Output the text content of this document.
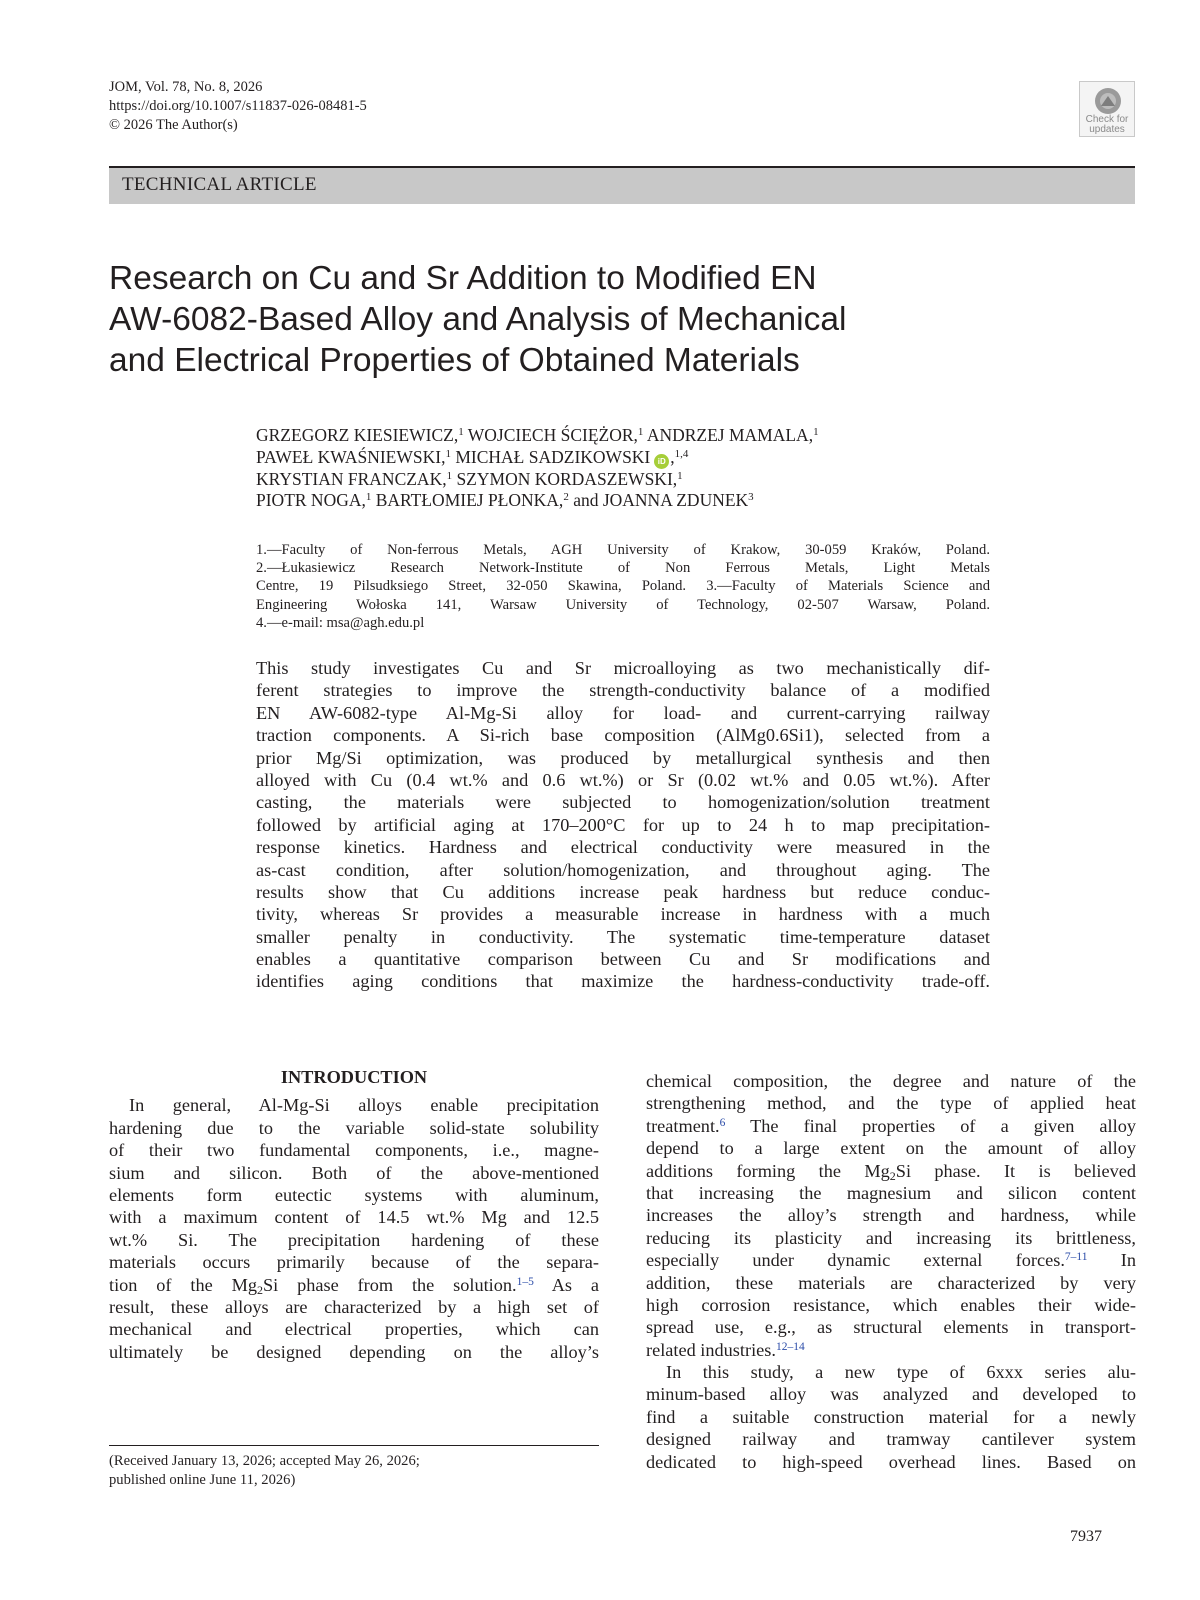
JOM, Vol. 78, No. 8, 2026
https://doi.org/10.1007/s11837-026-08481-5
© 2026 The Author(s)	Check for
updates
TECHNICAL ARTICLE
Research on Cu and Sr Addition to Modified EN
AW-6082-Based Alloy and Analysis of Mechanical
and Electrical Properties of Obtained Materials
GRZEGORZ KIESIEWICZ,$^1$ WOJCIECH ŚCIĘŻOR,$^1$ ANDRZEJ MAMALA,$^1$
PAWEŁ KWAŚNIEWSKI,$^1$ MICHAŁ SADZIKOWSKI iD ,$^{1,4}$
KRYSTIAN FRANCZAK,$^1$ SZYMON KORDASZEWSKI,$^1$
PIOTR NOGA,$^1$ BARTŁOMIEJ PŁONKA,$^2$ and JOANNA ZDUNEK$^3$
1.—Faculty of Non-ferrous Metals, AGH University of Krakow, 30-059 Kraków, Poland.
2.—Łukasiewicz Research Network-Institute of Non Ferrous Metals, Light Metals
Centre, 19 Pilsudksiego Street, 32-050 Skawina, Poland. 3.—Faculty of Materials Science and
Engineering Wołoska 141, Warsaw University of Technology, 02-507 Warsaw, Poland.
4.—e-mail: msa@agh.edu.pl
This study investigates Cu and Sr microalloying as two mechanistically dif-
ferent strategies to improve the strength-conductivity balance of a modified
EN AW-6082-type Al-Mg-Si alloy for load- and current-carrying railway
traction components. A Si-rich base composition (AlMg0.6Si1), selected from a
prior Mg/Si optimization, was produced by metallurgical synthesis and then
alloyed with Cu (0.4 wt.% and 0.6 wt.%) or Sr (0.02 wt.% and 0.05 wt.%). After
casting, the materials were subjected to homogenization/solution treatment
followed by artificial aging at 170–200°C for up to 24 h to map precipitation-
response kinetics. Hardness and electrical conductivity were measured in the
as-cast condition, after solution/homogenization, and throughout aging. The
results show that Cu additions increase peak hardness but reduce conduc-
tivity, whereas Sr provides a measurable increase in hardness with a much
smaller penalty in conductivity. The systematic time-temperature dataset
enables a quantitative comparison between Cu and Sr modifications and
identifies aging conditions that maximize the hardness-conductivity trade-off.
INTRODUCTION
In general, Al-Mg-Si alloys enable precipitation
hardening due to the variable solid-state solubility
of their two fundamental components, i.e., magne-
sium and silicon. Both of the above-mentioned
elements form eutectic systems with aluminum,
with a maximum content of 14.5 wt.% Mg and 12.5
wt.% Si. The precipitation hardening of these
materials occurs primarily because of the separa-
tion of the $Mg_2Si$ phase from the solution.$^{1-5}$ As a
result, these alloys are characterized by a high set of
mechanical and electrical properties, which can
ultimately be designed depending on the alloy’s
chemical composition, the degree and nature of the
strengthening method, and the type of applied heat
treatment.$^6$ The final properties of a given alloy
depend to a large extent on the amount of alloy
additions forming the $Mg_2Si$ phase. It is believed
that increasing the magnesium and silicon content
increases the alloy’s strength and hardness, while
reducing its plasticity and increasing its brittleness,
especially under dynamic external forces.$^{7-11}$ In
addition, these materials are characterized by very
high corrosion resistance, which enables their wide-
spread use, e.g., as structural elements in transport-
related industries.$^{12-14}$
In this study, a new type of 6xxx series alu-
minum-based alloy was analyzed and developed to
find a suitable construction material for a newly
designed railway and tramway cantilever system
dedicated to high-speed overhead lines. Based on
(Received January 13, 2026; accepted May 26, 2026;
published online June 11, 2026)
7937
